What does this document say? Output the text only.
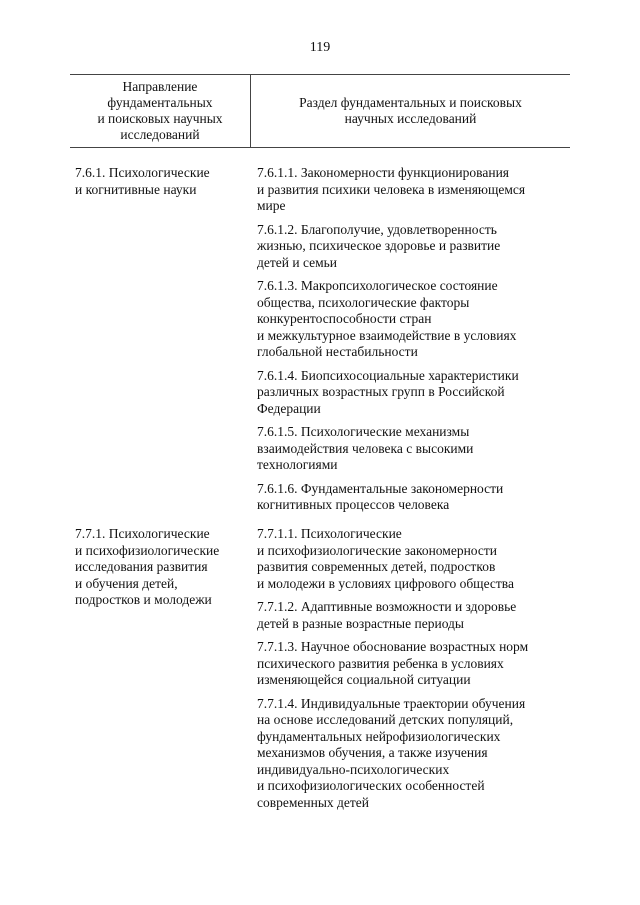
119
Направление
фундаментальных
и поисковых научных
исследований
Раздел фундаментальных и поисковых
научных исследований
7.6.1. Психологические
и когнитивные науки
7.6.1.1. Закономерности функционирования
и развития психики человека в изменяющемся
мире
7.6.1.2. Благополучие, удовлетворенность
жизнью, психическое здоровье и развитие
детей и семьи
7.6.1.3. Макропсихологическое состояние
общества, психологические факторы
конкурентоспособности стран
и межкультурное взаимодействие в условиях
глобальной нестабильности
7.6.1.4. Биопсихосоциальные характеристики
различных возрастных групп в Российской
Федерации
7.6.1.5. Психологические механизмы
взаимодействия человека с высокими
технологиями
7.6.1.6. Фундаментальные закономерности
когнитивных процессов человека
7.7.1. Психологические
и психофизиологические
исследования развития
и обучения детей,
подростков и молодежи
7.7.1.1. Психологические
и психофизиологические закономерности
развития современных детей, подростков
и молодежи в условиях цифрового общества
7.7.1.2. Адаптивные возможности и здоровье
детей в разные возрастные периоды
7.7.1.3. Научное обоснование возрастных норм
психического развития ребенка в условиях
изменяющейся социальной ситуации
7.7.1.4. Индивидуальные траектории обучения
на основе исследований детских популяций,
фундаментальных нейрофизиологических
механизмов обучения, а также изучения
индивидуально-психологических
и психофизиологических особенностей
современных детей
